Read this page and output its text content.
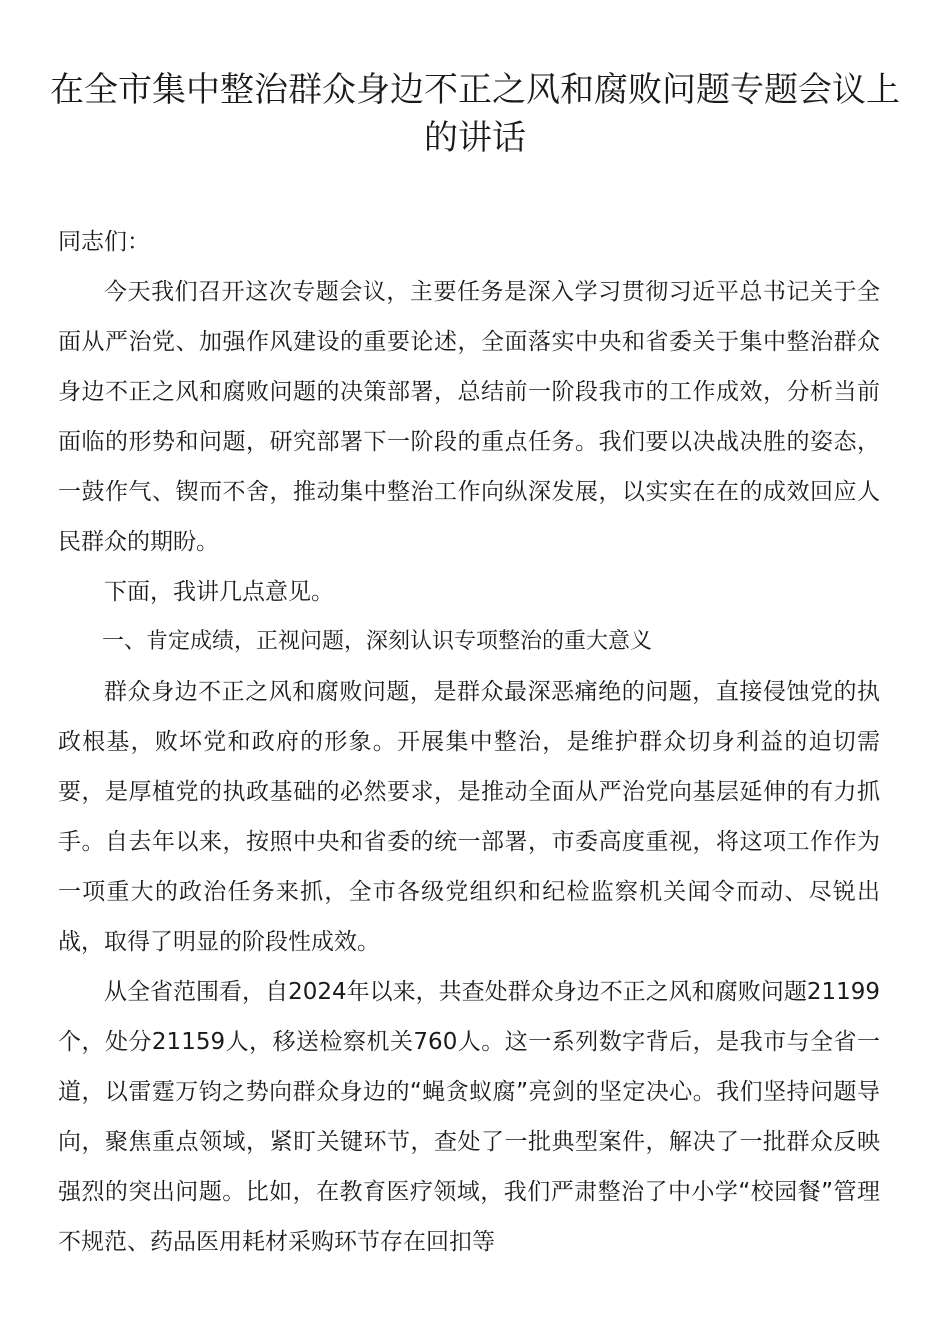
在全市集中整治群众身边不正之风和腐败问题专题会议上的讲话

同志们：

今天我们召开这次专题会议，主要任务是深入学习贯彻习近平总书记关于全面从严治党、加强作风建设的重要论述，全面落实中央和省委关于集中整治群众身边不正之风和腐败问题的决策部署，总结前一阶段我市的工作成效，分析当前面临的形势和问题，研究部署下一阶段的重点任务。我们要以决战决胜的姿态，一鼓作气、锲而不舍，推动集中整治工作向纵深发展，以实实在在的成效回应人民群众的期盼。

下面，我讲几点意见。

一、肯定成绩，正视问题，深刻认识专项整治的重大意义

群众身边不正之风和腐败问题，是群众最深恶痛绝的问题，直接侵蚀党的执政根基，败坏党和政府的形象。开展集中整治，是维护群众切身利益的迫切需要，是厚植党的执政基础的必然要求，是推动全面从严治党向基层延伸的有力抓手。自去年以来，按照中央和省委的统一部署，市委高度重视，将这项工作作为一项重大的政治任务来抓，全市各级党组织和纪检监察机关闻令而动、尽锐出战，取得了明显的阶段性成效。

从全省范围看，自2024年以来，共查处群众身边不正之风和腐败问题21199个，处分21159人，移送检察机关760人。这一系列数字背后，是我市与全省一道，以雷霆万钧之势向群众身边的“蝇贪蚁腐”亮剑的坚定决心。我们坚持问题导向，聚焦重点领域，紧盯关键环节，查处了一批典型案件，解决了一批群众反映强烈的突出问题。比如，在教育医疗领域，我们严肃整治了中小学“校园餐”管理不规范、药品医用耗材采购环节存在回扣等
